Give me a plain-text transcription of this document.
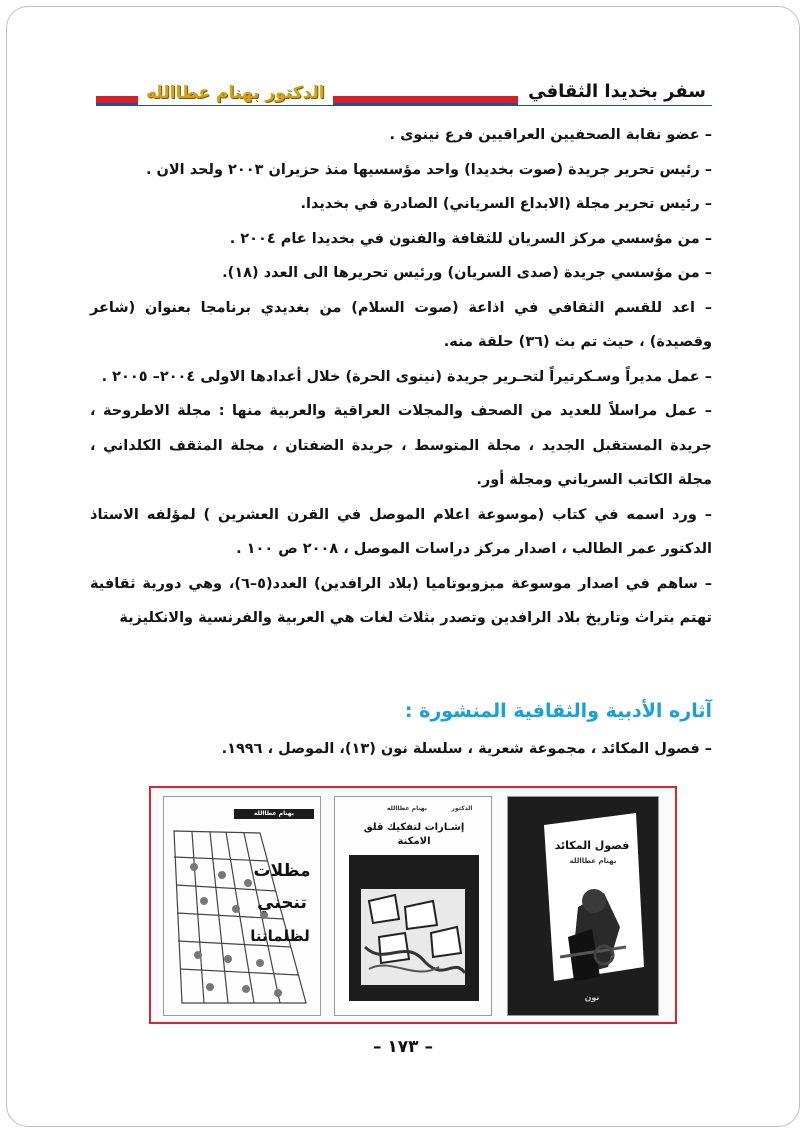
الدكتور بهنام عطاالله	سفر بخديدا الثقافي

– عضو نقابة الصحفيين العراقيين فرع نينوى .

– رئيس تحرير جريدة (صوت بخديدا) واحد مؤسسيها منذ حزيران ٢٠٠٣ ولحد الان .

– رئيس تحرير مجلة (الابداع السرياني) الصادرة في بخديدا.

– من مؤسسي مركز السريان للثقافة والفنون في بخديدا عام ٢٠٠٤ .

– من مؤسسي جريدة (صدى السريان) ورئيس تحريرها الى العدد (١٨).

– اعد للقسم الثقافي في اذاعة (صوت السلام) من بغديدي برنامجا بعنوان (شاعر وقصيدة) ، حيث تم بث (٣٦) حلقة منه.

– عمل مديراً وسـكرتيراً لتحـرير جريدة (نينوى الحرة) خلال أعدادها الاولى ٢٠٠٤– ٢٠٠٥ .

– عمل مراسلاً للعديد من الصحف والمجلات العراقية والعربية منها : مجلة الاطروحة ، جريدة المستقبل الجديد ، مجلة المتوسط ، جريدة الضفتان ، مجلة المثقف الكلداني ، مجلة الكاتب السرياني ومجلة أور.

– ورد اسمه في كتاب (موسوعة اعلام الموصل في القرن العشرين ) لمؤلفه الاستاذ الدكتور عمر الطالب ، اصدار مركز دراسات الموصل ، ٢٠٠٨ ص ١٠٠ .

– ساهم في اصدار موسوعة ميزوبوتاميا (بلاد الرافدين) العدد(٥–٦)، وهي دورية ثقافية تهتم بتراث وتاريخ بلاد الرافدين وتصدر بثلاث لغات هي العربية والفرنسية والانكليزية

آثاره الأدبية والثقافية المنشورة :

– فصول المكائد ، مجموعة شعرية ، سلسلة نون (١٣)، الموصل ، ١٩٩٦.

فصول المكائد
بهنام عطاالله
نون
الدكتور
بهنام عطاالله
إشـارات لتفكيك قلق الامكنة
بهنام عطاالله
مظلات
تنحني
لظلماتنا
– ١٧٣ –
